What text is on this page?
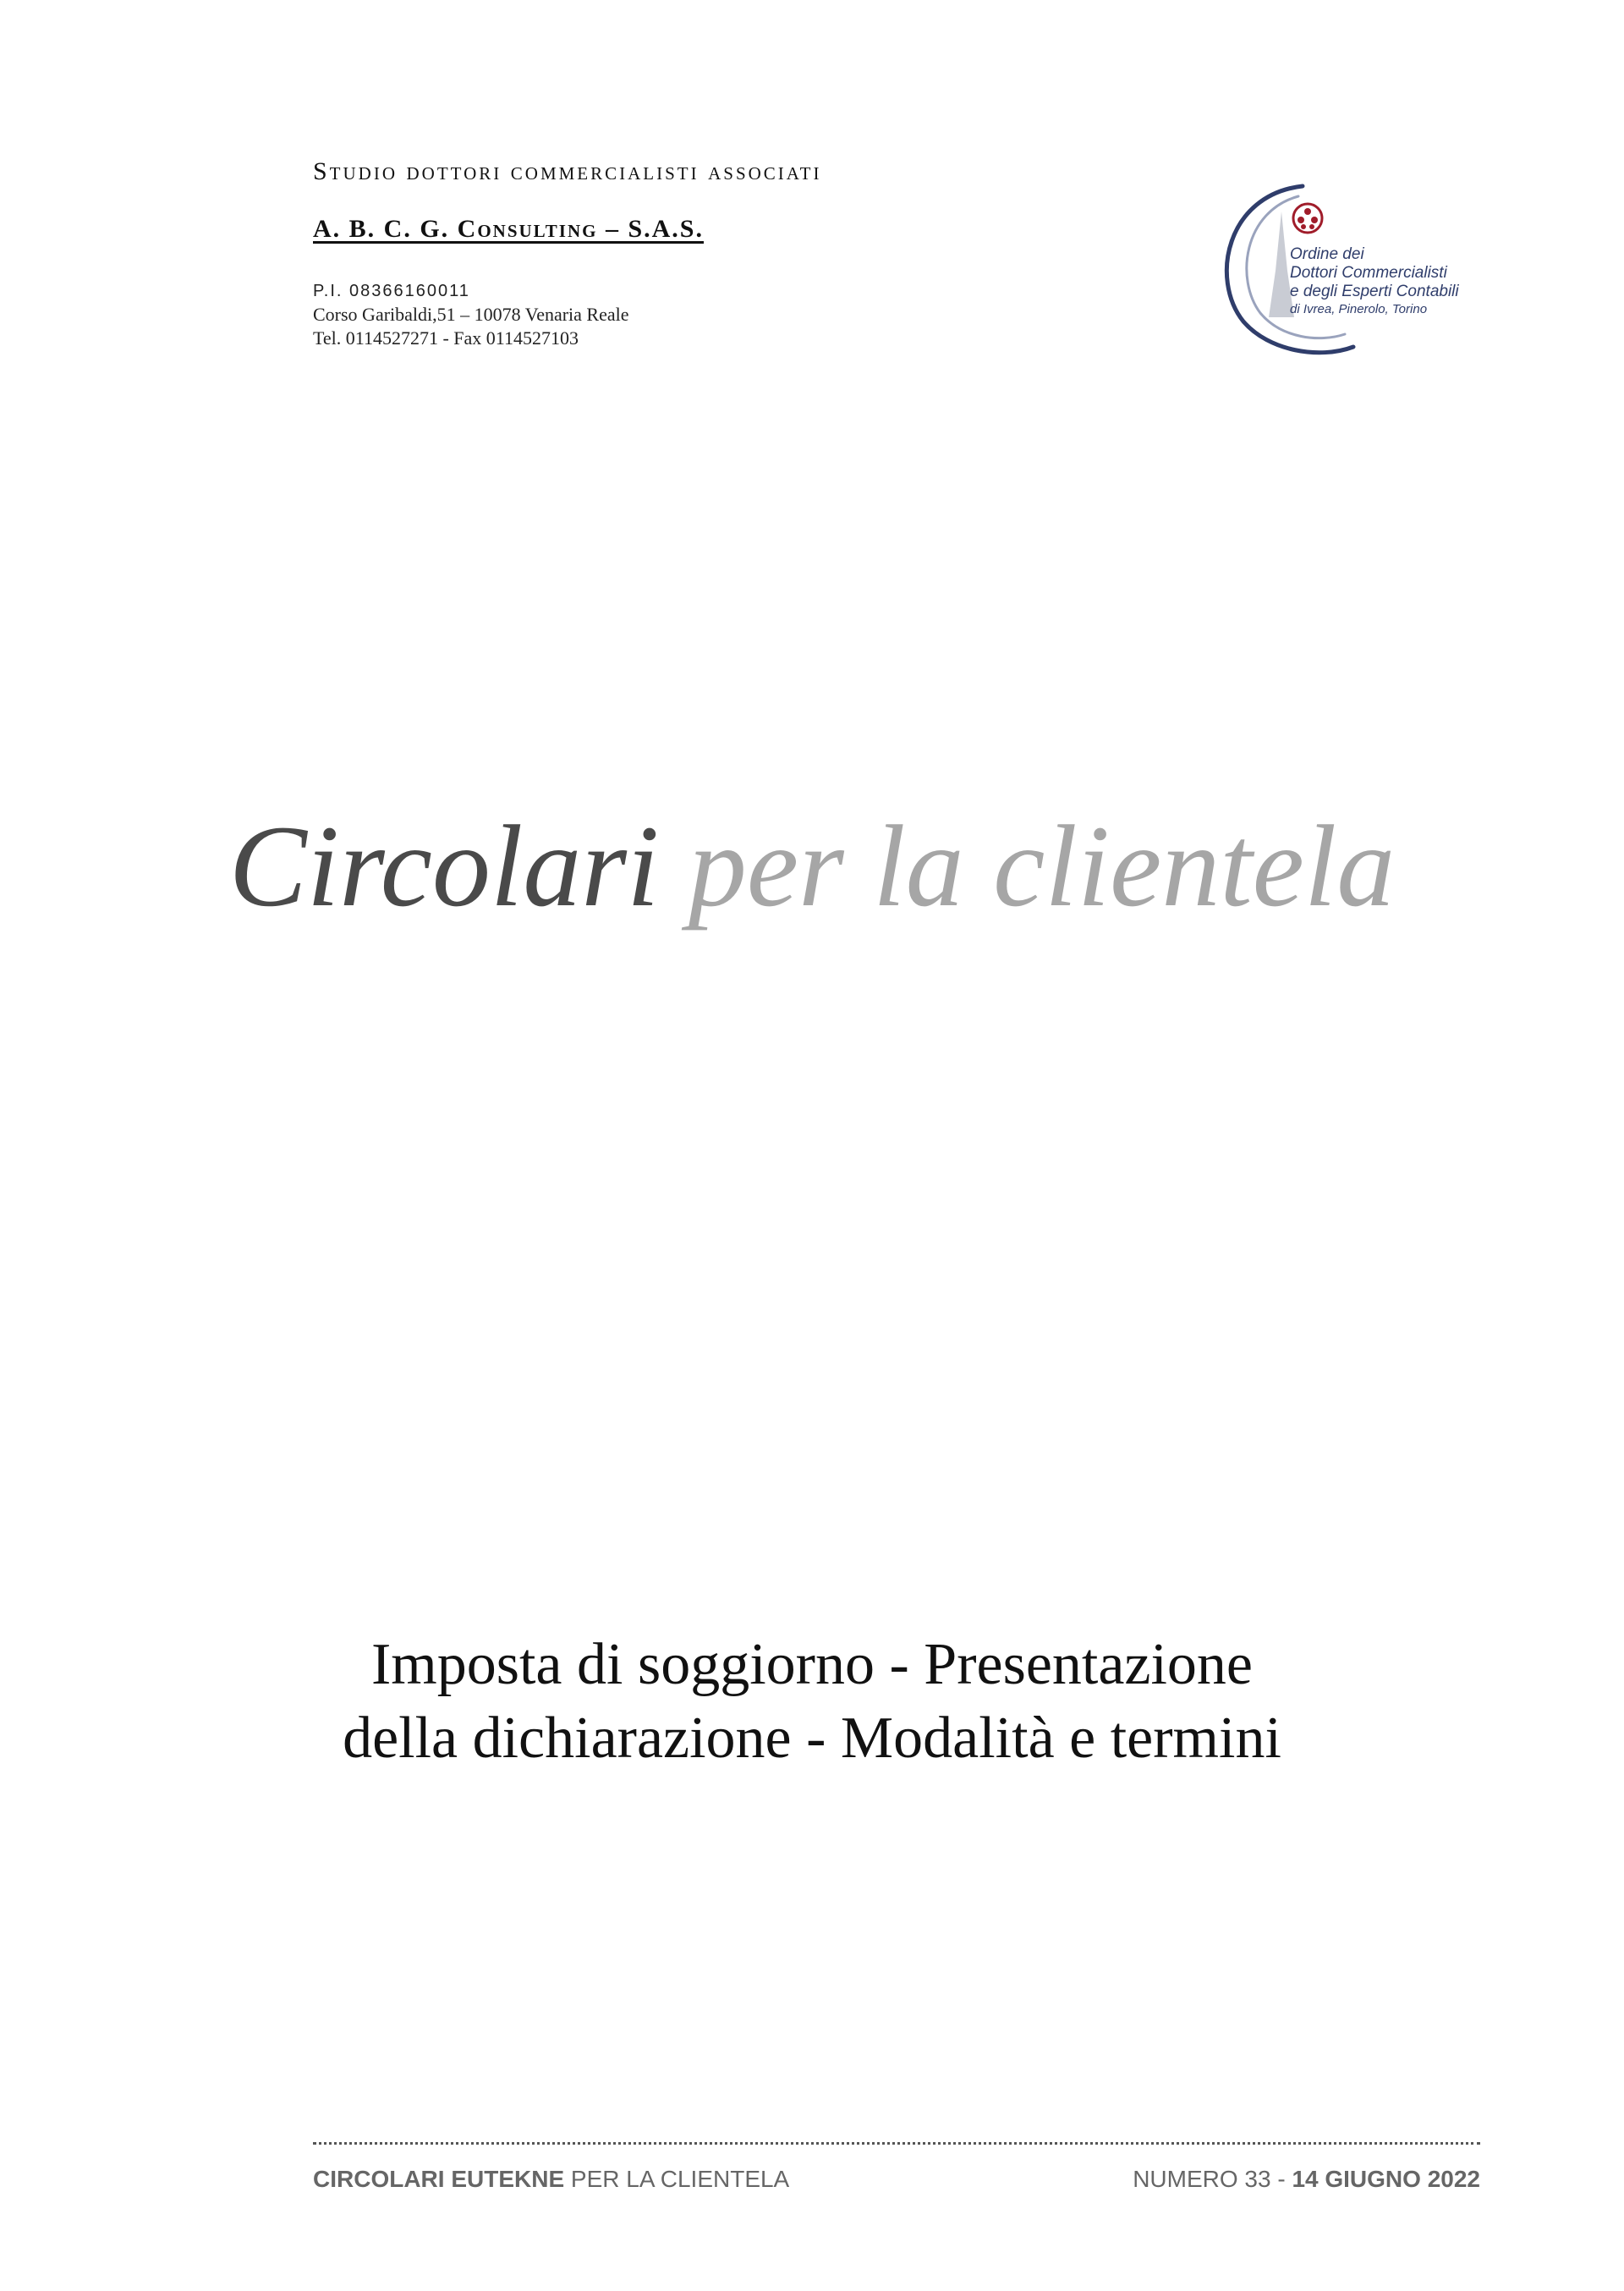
Studio dottori commercialisti associati
A. B. C. G. Consulting – S.A.S.
P.I. 08366160011
Corso Garibaldi,51 – 10078 Venaria Reale
Tel. 0114527271 - Fax 0114527103
Ordine dei
Dottori Commercialisti
e degli Esperti Contabili
di Ivrea, Pinerolo, Torino
Circolari per la clientela
Imposta di soggiorno - Presentazione
della dichiarazione - Modalità e termini
CIRCOLARI EUTEKNE PER LA CLIENTELA	NUMERO 33 - 14 GIUGNO 2022
